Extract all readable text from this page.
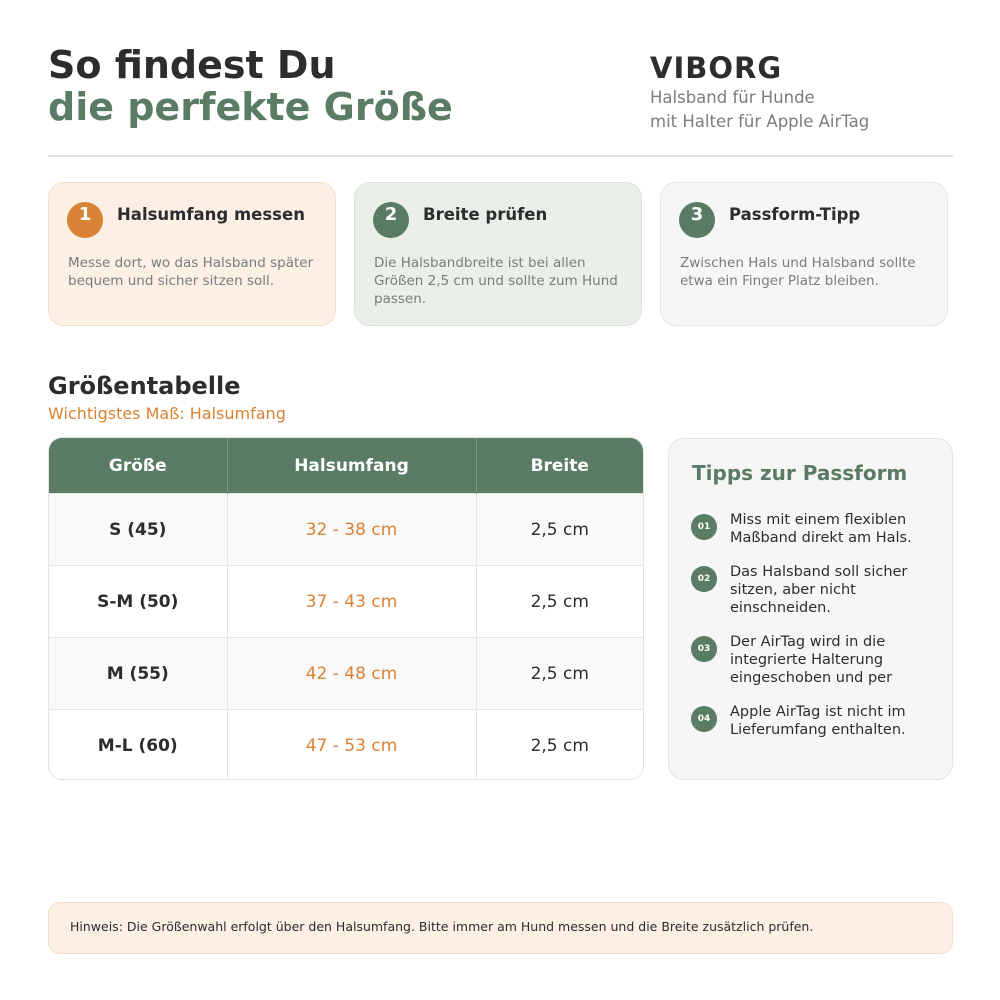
So findest Du
die perfekte Größe
VIBORG
Halsband für Hunde
mit Halter für Apple AirTag
1	Halsumfang messen
Messe dort, wo das Halsband später bequem und sicher sitzen soll.
2	Breite prüfen
Die Halsbandbreite ist bei allen Größen 2,5 cm und sollte zum Hund passen.
3	Passform-Tipp
Zwischen Hals und Halsband sollte etwa ein Finger Platz bleiben.
Größentabelle
Wichtigstes Maß: Halsumfang
Größe	Halsumfang	Breite
S (45)	32 - 38 cm	2,5 cm
S-M (50)	37 - 43 cm	2,5 cm
M (55)	42 - 48 cm	2,5 cm
M-L (60)	47 - 53 cm	2,5 cm
Tipps zur Passform
01	Miss mit einem flexiblen Maßband direkt am Hals.
02	Das Halsband soll sicher sitzen, aber nicht einschneiden.
03	Der AirTag wird in die integrierte Halterung eingeschoben und per
04	Apple AirTag ist nicht im Lieferumfang enthalten.
Hinweis: Die Größenwahl erfolgt über den Halsumfang. Bitte immer am Hund messen und die Breite zusätzlich prüfen.
